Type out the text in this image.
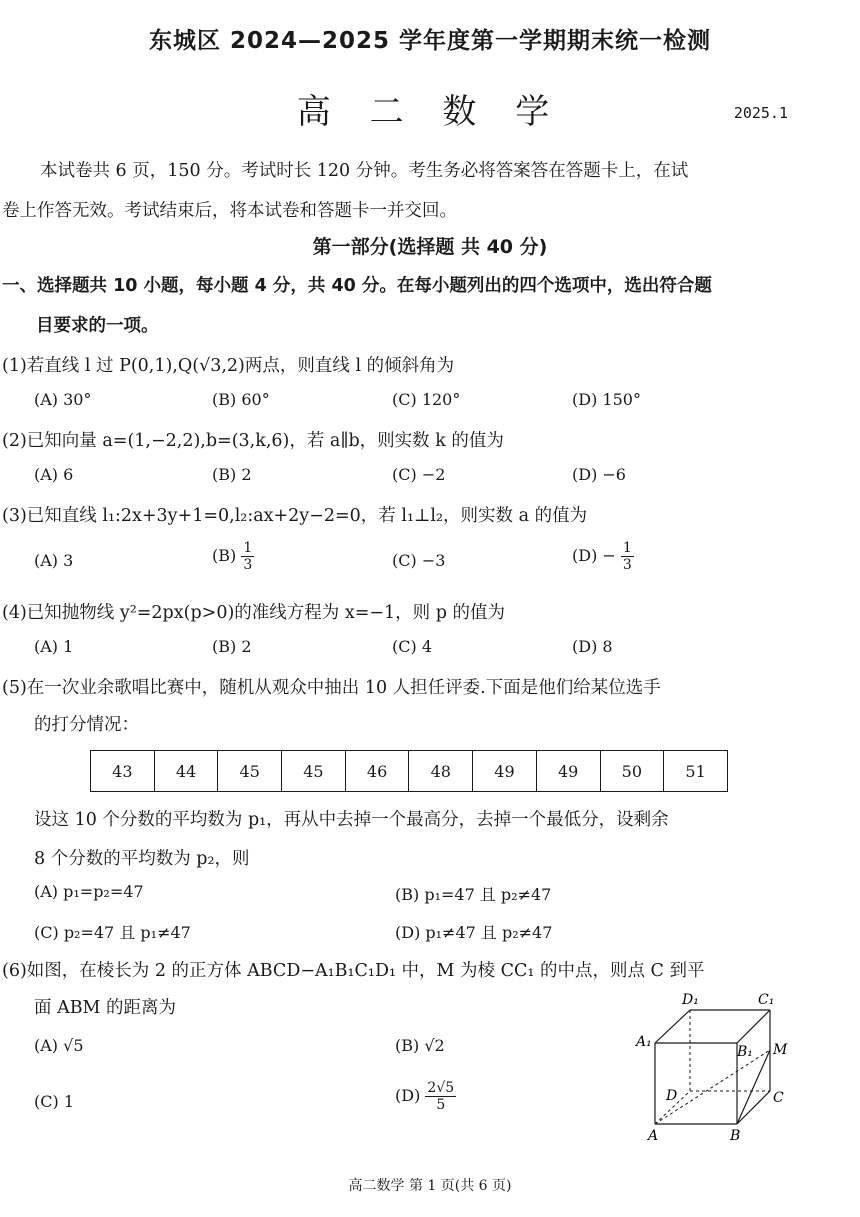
东城区 2024—2025 学年度第一学期期末统一检测
高 二 数 学	2025.1
本试卷共 6 页，150 分。考试时长 120 分钟。考生务必将答案答在答题卡上，在试
卷上作答无效。考试结束后，将本试卷和答题卡一并交回。
第一部分(选择题 共 40 分)
一、选择题共 10 小题，每小题 4 分，共 40 分。在每小题列出的四个选项中，选出符合题
目要求的一项。
(1)若直线 l 过 P(0,1),Q(√3,2)两点，则直线 l 的倾斜角为
(A) 30°	(B) 60°	(C) 120°	(D) 150°
(2)已知向量 a=(1,−2,2),b=(3,k,6)，若 a∥b，则实数 k 的值为
(A) 6	(B) 2	(C) −2	(D) −6
(3)已知直线 l₁:2x+3y+1=0,l₂:ax+2y−2=0，若 l₁⊥l₂，则实数 a 的值为
(A) 3	$(B) \frac{1}{3}$	(C) −3	$(D) - \frac{1}{3}$
(4)已知抛物线 y²=2px(p>0)的准线方程为 x=−1，则 p 的值为
(A) 1	(B) 2	(C) 4	(D) 8
(5)在一次业余歌唱比赛中，随机从观众中抽出 10 人担任评委.下面是他们给某位选手
的打分情况：
43	44	45	45	46	48	49	49	50	51
设这 10 个分数的平均数为 p₁，再从中去掉一个最高分，去掉一个最低分，设剩余
8 个分数的平均数为 p₂，则
(A) p₁=p₂=47	(B) p₁=47 且 p₂≠47
(C) p₂=47 且 p₁≠47	(D) p₁≠47 且 p₂≠47
(6)如图，在棱长为 2 的正方体 ABCD−A₁B₁C₁D₁ 中，M 为棱 CC₁ 的中点，则点 C 到平
面 ABM 的距离为
(A) √5	(B) √2
(C) 1	$(D) \frac{2√5}{5}$
D₁	C₁
A₁
B₁ M
D	C
A	B
高二数学 第 1 页(共 6 页)
